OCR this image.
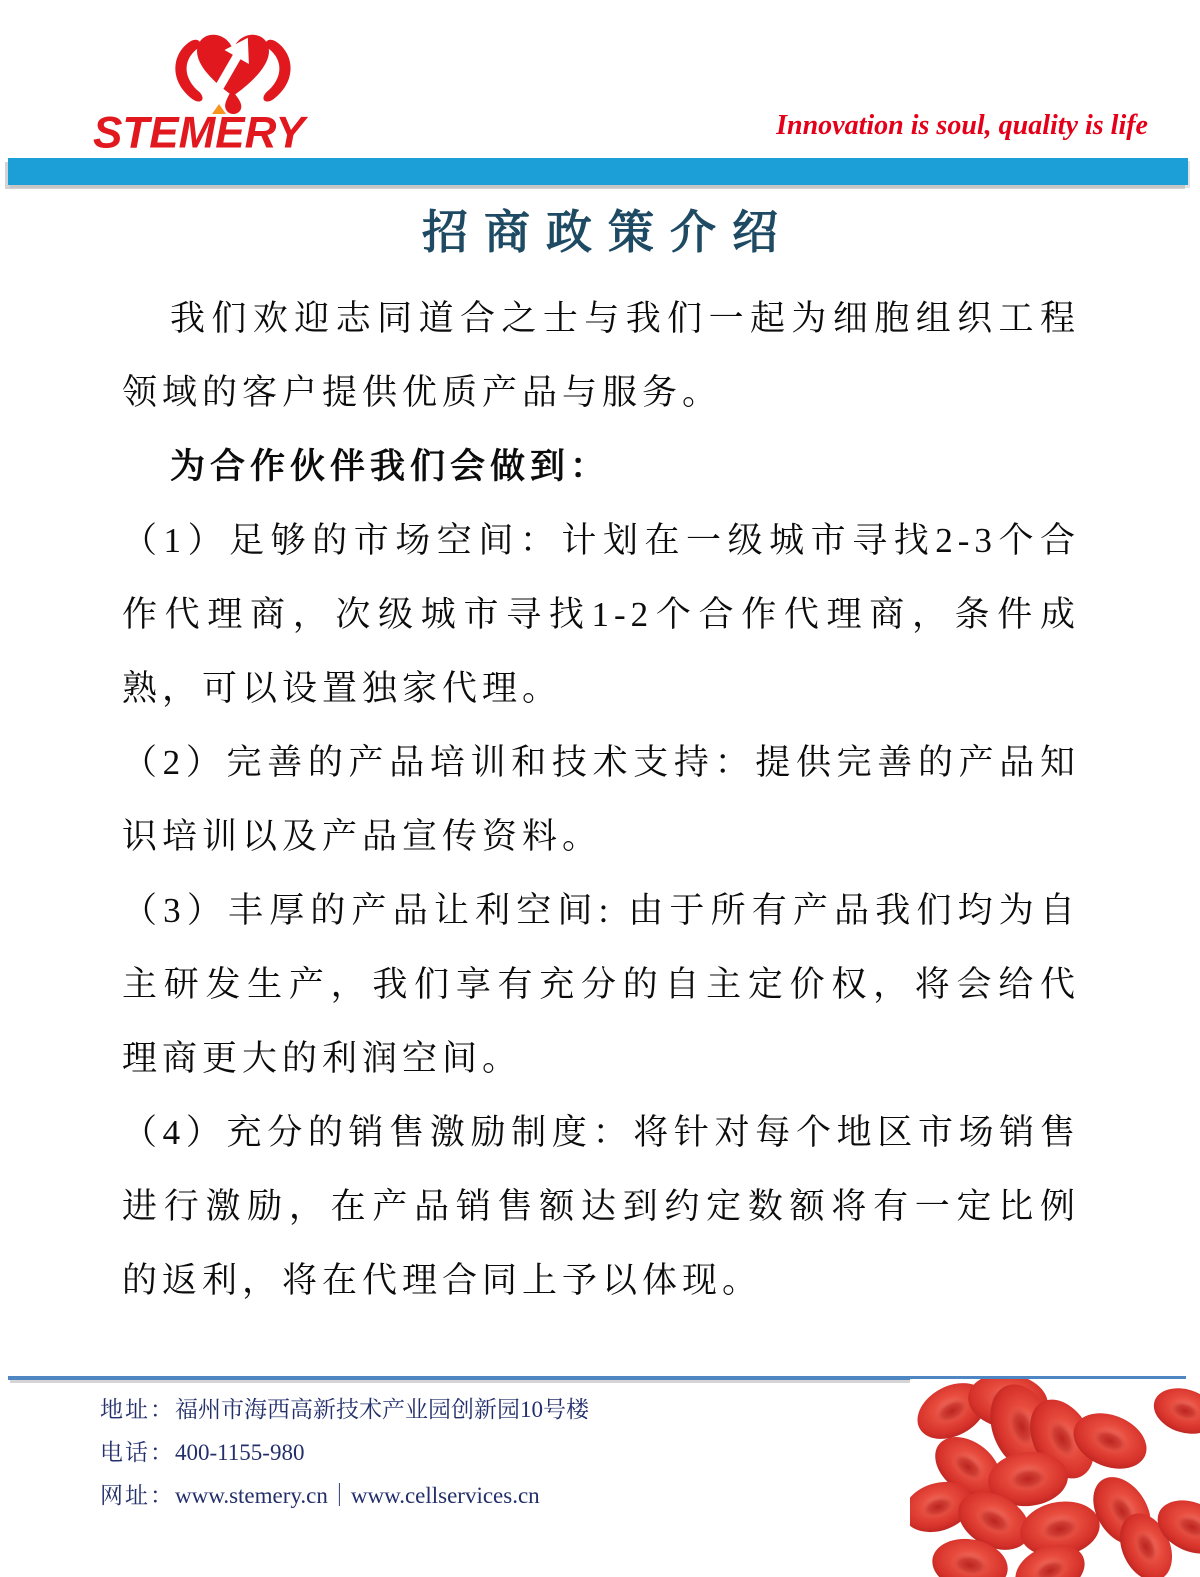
STEMERY	Innovation is soul, quality is life
招商政策介绍

我们欢迎志同道合之士与我们一起为细胞组织工程领域的客户提供优质产品与服务。

为合作伙伴我们会做到：

（1）足够的市场空间：计划在一级城市寻找2-3个合作代理商，次级城市寻找1-2个合作代理商，条件成熟，可以设置独家代理。

（2）完善的产品培训和技术支持：提供完善的产品知识培训以及产品宣传资料。

（3）丰厚的产品让利空间: 由于所有产品我们均为自主研发生产，我们享有充分的自主定价权，将会给代理商更大的利润空间。

（4）充分的销售激励制度：将针对每个地区市场销售进行激励，在产品销售额达到约定数额将有一定比例的返利，将在代理合同上予以体现。

地址：福州市海西高新技术产业园创新园10号楼
电话：400-1155-980
网址：www.stemery.cn｜www.cellservices.cn
